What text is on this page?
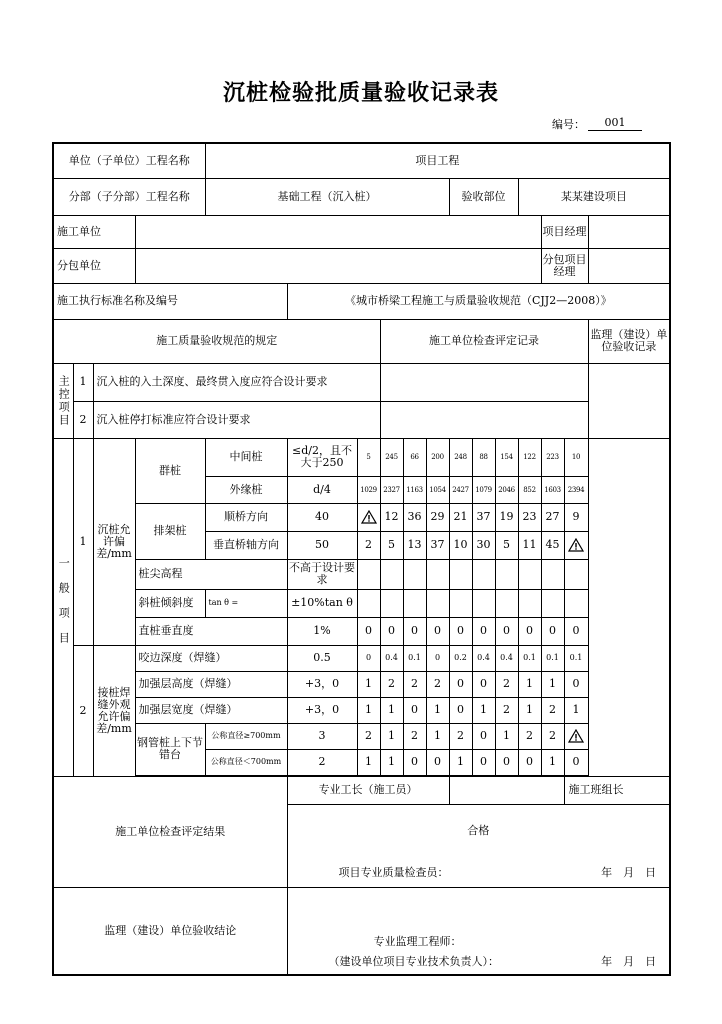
沉桩检验批质量验收记录表
编号：	001
单位（子单位）工程名称				项目工程												
分部（子分部）工程名称				基础工程（沉入桩）						验收部位			某某建设项目			
施工单位														项目经理		
分包单位														分包项目经理		
施工执行标准名称及编号					《城市桥梁工程施工与质量验收规范（CJJ2—2008）》											
施工质量验收规范的规定							施工单位检查评定记录									监理（建设）单位验收记录
主控项目	1	沉入桩的入土深度、最终贯入度应符合设计要求														
	2	沉入桩停打标准应符合设计要求														
一般项目	1	沉桩允许偏差/mm	群桩	中间桩	≤d/2，且不大于250	5	245	66	200	248	88	154	122	223	10	
				外缘桩	d/4	1029	2327	1163	1054	2427	1079	2046	852	1603	2394	
			排架桩	顺桥方向	40		12	36	29	21	37	19	23	27	9	
				垂直桥轴方向	50	2	5	13	37	10	30	5	11	45	

			桩尖高程		不高于设计要求											
			斜桩倾斜度	tan θ =	±10%tan θ											
			直桩垂直度		1%	0	0	0	0	0	0	0	0	0	0	
	2	接桩焊缝外观允许偏差/mm	咬边深度（焊缝）		0.5	0	0.4	0.1	0	0.2	0.4	0.4	0.1	0.1	0.1	
			加强层高度（焊缝）		+3，0	1	2	2	2	0	0	2	1	1	0	
			加强层宽度（焊缝）		+3，0	1	1	0	1	0	1	2	1	2	1	
			钢管桩上下节错台	公称直径≥700mm	3	2	1	2	1	2	0	1	2	2	

				公称直径＜700mm	2	1	1	0	0	1	0	0	0	1	0	

施工单位检查评定结果					专业工长（施工员）										施工班组长	

					合格
项目专业质量检查员： 年　月　日											

监理（建设）单位验收结论					专业监理工程师：
（建设单位项目专业技术负责人）： 年　月　日											
